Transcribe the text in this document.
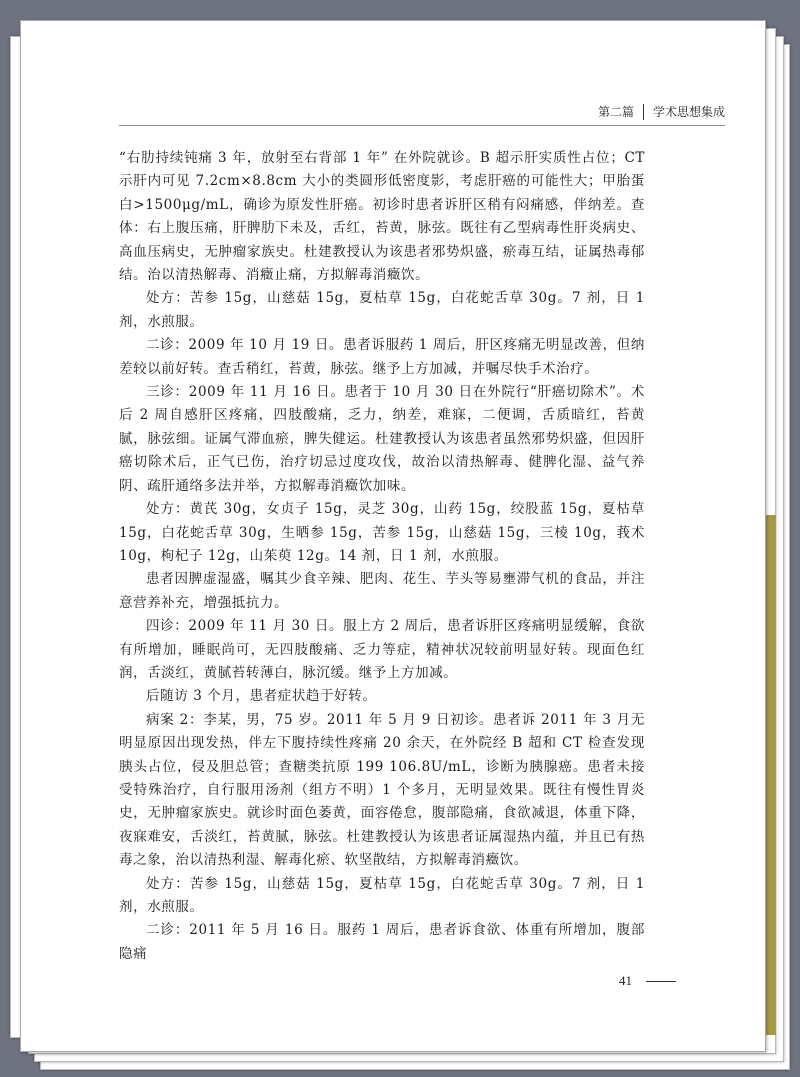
第二篇 学术思想集成

“右肋持续钝痛 3 年，放射至右背部 1 年” 在外院就诊。B 超示肝实质性占位；CT 示肝内可见 7.2cm×8.8cm 大小的类圆形低密度影，考虑肝癌的可能性大；甲胎蛋白>1500μg/mL，确诊为原发性肝癌。初诊时患者诉肝区稍有闷痛感，伴纳差。查体：右上腹压痛，肝脾肋下未及，舌红，苔黄，脉弦。既往有乙型病毒性肝炎病史、高血压病史，无肿瘤家族史。杜建教授认为该患者邪势炽盛，瘀毒互结，证属热毒郁结。治以清热解毒、消癥止痛，方拟解毒消癥饮。

处方：苦参 15g，山慈菇 15g，夏枯草 15g，白花蛇舌草 30g。7 剂，日 1 剂，水煎服。

二诊：2009 年 10 月 19 日。患者诉服药 1 周后，肝区疼痛无明显改善，但纳差较以前好转。查舌稍红，苔黄，脉弦。继予上方加减，并嘱尽快手术治疗。

三诊：2009 年 11 月 16 日。患者于 10 月 30 日在外院行“肝癌切除术”。术后 2 周自感肝区疼痛，四肢酸痛，乏力，纳差，难寐，二便调，舌质暗红，苔黄腻，脉弦细。证属气滞血瘀，脾失健运。杜建教授认为该患者虽然邪势炽盛，但因肝癌切除术后，正气已伤，治疗切忌过度攻伐，故治以清热解毒、健脾化湿、益气养阴、疏肝通络多法并举，方拟解毒消癥饮加味。

处方：黄芪 30g，女贞子 15g，灵芝 30g，山药 15g，绞股蓝 15g，夏枯草 15g，白花蛇舌草 30g，生晒参 15g，苦参 15g，山慈菇 15g，三棱 10g，莪术 10g，枸杞子 12g，山茱萸 12g。14 剂，日 1 剂，水煎服。

患者因脾虚湿盛，嘱其少食辛辣、肥肉、花生、芋头等易壅滞气机的食品，并注意营养补充，增强抵抗力。

四诊：2009 年 11 月 30 日。服上方 2 周后，患者诉肝区疼痛明显缓解，食欲有所增加，睡眠尚可，无四肢酸痛、乏力等症，精神状况较前明显好转。现面色红润，舌淡红，黄腻苔转薄白，脉沉缓。继予上方加减。

后随访 3 个月，患者症状趋于好转。

病案 2：李某，男，75 岁。2011 年 5 月 9 日初诊。患者诉 2011 年 3 月无明显原因出现发热，伴左下腹持续性疼痛 20 余天，在外院经 B 超和 CT 检查发现胰头占位，侵及胆总管；查糖类抗原 199 106.8U/mL，诊断为胰腺癌。患者未接受特殊治疗，自行服用汤剂（组方不明）1 个多月，无明显效果。既往有慢性胃炎史，无肿瘤家族史。就诊时面色萎黄，面容倦怠，腹部隐痛，食欲减退，体重下降，夜寐难安，舌淡红，苔黄腻，脉弦。杜建教授认为该患者证属湿热内蕴，并且已有热毒之象，治以清热利湿、解毒化瘀、软坚散结，方拟解毒消癥饮。

处方：苦参 15g，山慈菇 15g，夏枯草 15g，白花蛇舌草 30g。7 剂，日 1 剂，水煎服。

二诊：2011 年 5 月 16 日。服药 1 周后，患者诉食欲、体重有所增加，腹部隐痛

41
